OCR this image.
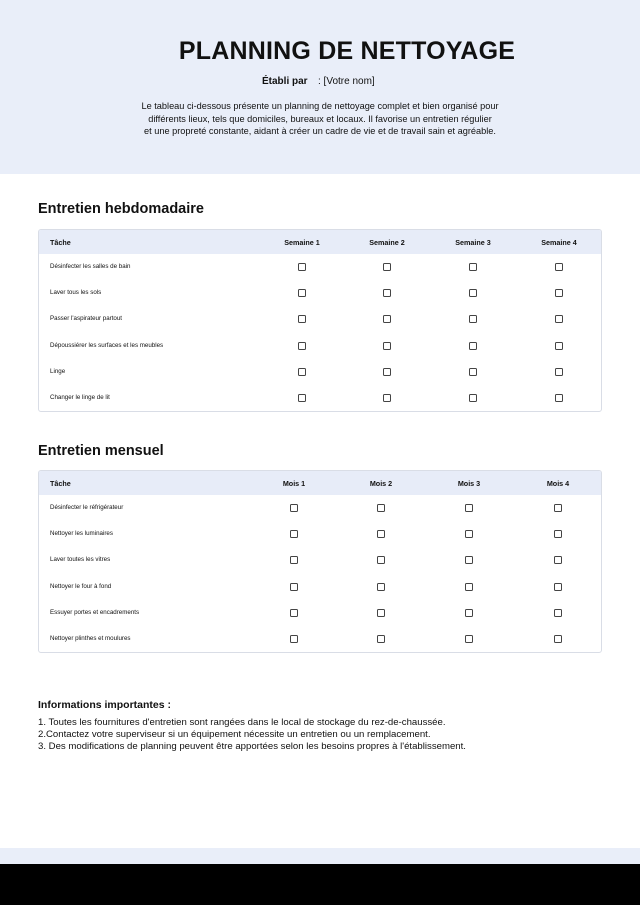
PLANNING DE NETTOYAGE
Établi par : [Votre nom]
Le tableau ci-dessous présente un planning de nettoyage complet et bien organisé pour
différents lieux, tels que domiciles, bureaux et locaux. Il favorise un entretien régulier
et une propreté constante, aidant à créer un cadre de vie et de travail sain et agréable.
Entretien hebdomadaire
Tâche	Semaine 1	Semaine 2	Semaine 3	Semaine 4
Désinfecter les salles de bain
Laver tous les sols
Passer l'aspirateur partout
Dépoussiérer les surfaces et les meubles
Linge
Changer le linge de lit
Entretien mensuel
Tâche	Mois 1	Mois 2	Mois 3	Mois 4
Désinfecter le réfrigérateur
Nettoyer les luminaires
Laver toutes les vitres
Nettoyer le four à fond
Essuyer portes et encadrements
Nettoyer plinthes et moulures
Informations importantes :
1. Toutes les fournitures d'entretien sont rangées dans le local de stockage du rez-de-chaussée.
2.Contactez votre superviseur si un équipement nécessite un entretien ou un remplacement.
3. Des modifications de planning peuvent être apportées selon les besoins propres à l'établissement.
